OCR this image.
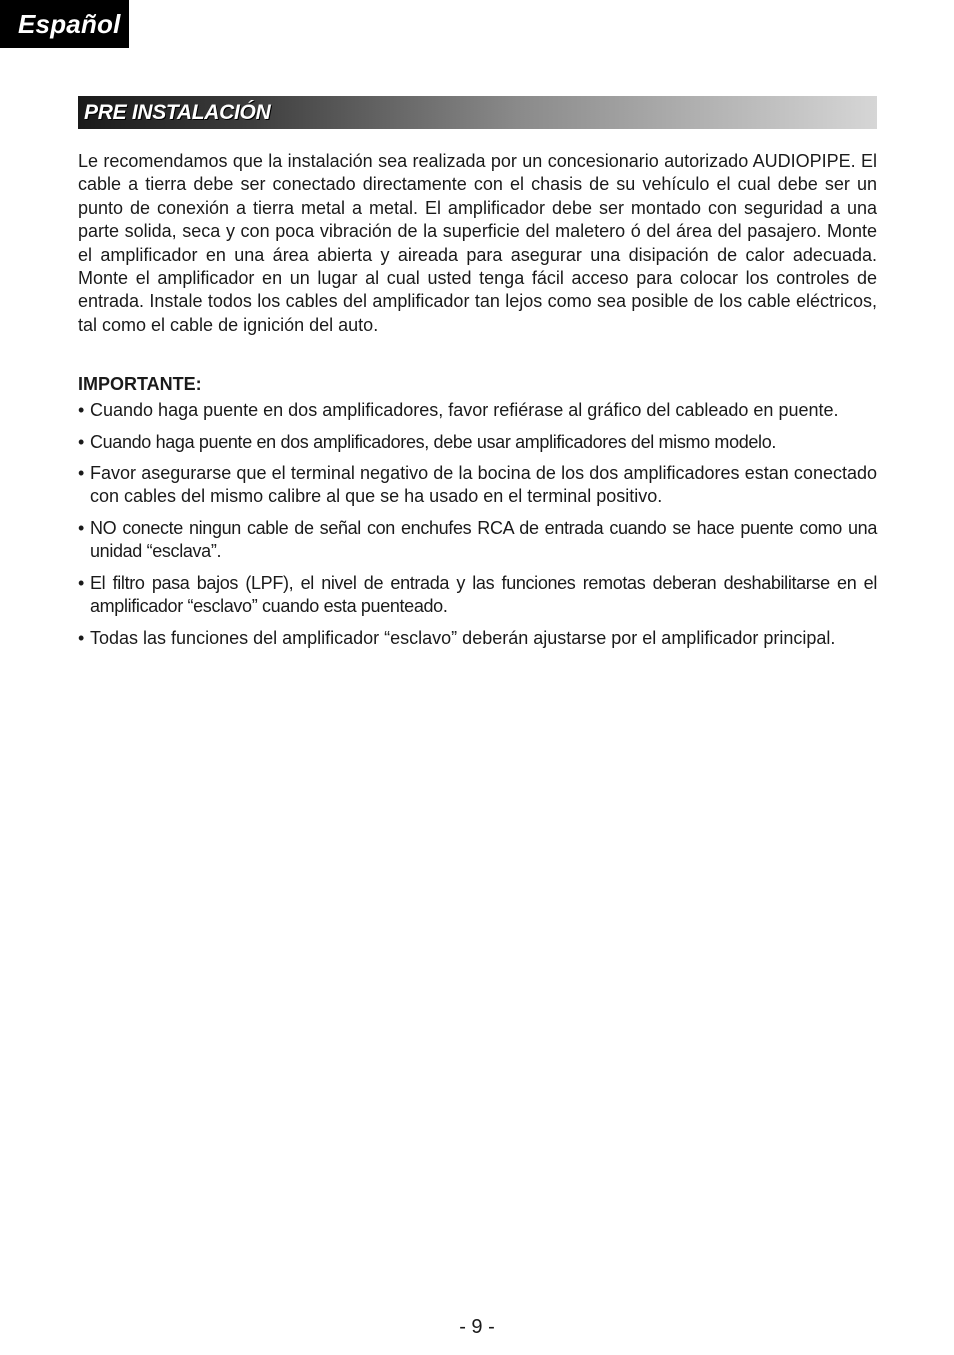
Español
PRE INSTALACIÓN

Le recomendamos que la instalación sea realizada por un concesionario autorizado AUDIOPIPE. El cable a tierra debe ser conectado directamente con el chasis de su vehículo el cual debe ser un punto de conexión a tierra metal a metal. El amplificador debe ser montado con seguridad a una parte solida, seca y con poca vibración de la superficie del maletero ó del área del pasajero. Monte el amplificador en una área abierta y aireada para asegurar una disipación de calor adecuada. Monte el amplificador en un lugar al cual usted tenga fácil acceso para colocar los controles de entrada. Instale todos los cables del amplificador tan lejos como sea posible de los cable eléctricos, tal como el cable de ignición del auto.

IMPORTANTE:
• Cuando haga puente en dos amplificadores, favor refiérase al gráfico del cableado en puente.
• Cuando haga puente en dos amplificadores, debe usar amplificadores del mismo modelo.
• Favor asegurarse que el terminal negativo de la bocina de los dos amplificadores estan conectado con cables del mismo calibre al que se ha usado en el terminal positivo.
• NO conecte ningun cable de señal con enchufes RCA de entrada cuando se hace puente como una unidad “esclava”.
• El filtro pasa bajos (LPF), el nivel de entrada y las funciones remotas deberan deshabilitarse en el amplificador “esclavo” cuando esta puenteado.
• Todas las funciones del amplificador “esclavo” deberán ajustarse por el amplificador principal.
- 9 -
